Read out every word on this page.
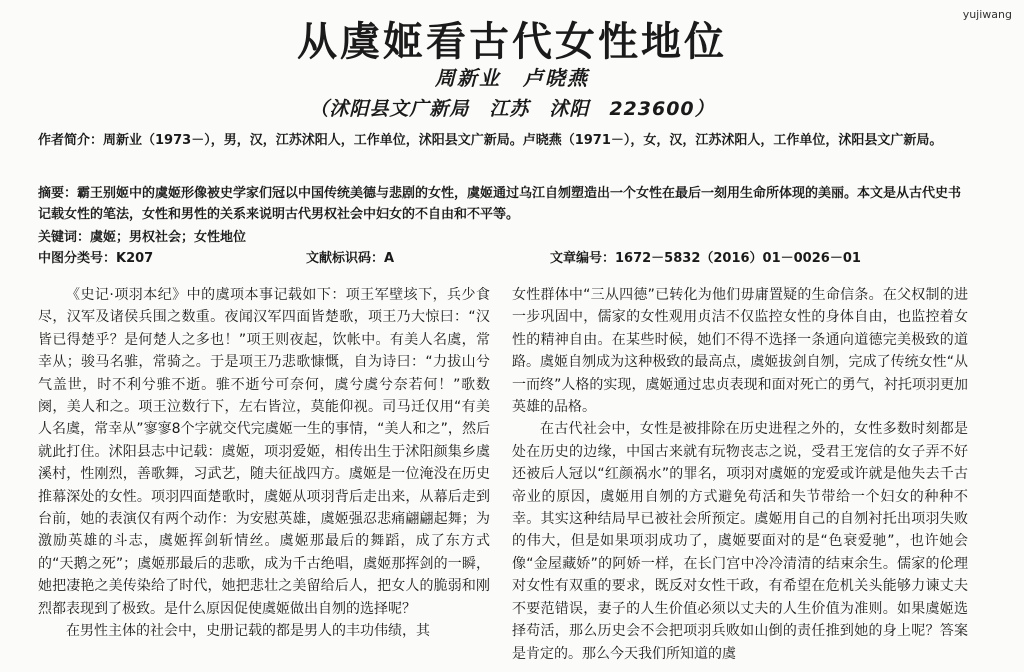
yujiwang
从虞姬看古代女性地位
周新业　卢晓燕
（沭阳县文广新局　江苏　沭阳　223600）
作者简介：周新业（1973－），男，汉，江苏沭阳人，工作单位，沭阳县文广新局。卢晓燕（1971－），女，汉，江苏沭阳人，工作单位，沭阳县文广新局。
摘要：霸王别姬中的虞姬形像被史学家们冠以中国传统美德与悲剧的女性，虞姬通过乌江自刎塑造出一个女性在最后一刻用生命所体现的美丽。本文是从古代史书记载女性的笔法，女性和男性的关系来说明古代男权社会中妇女的不自由和不平等。
关键词：虞姬；男权社会；女性地位
中图分类号：K207	文献标识码：A	文章编号：1672－5832（2016）01－0026－01

《史记·项羽本纪》中的虞项本事记载如下：项王军壁垓下，兵少食尽，汉军及诸侯兵围之数重。夜闻汉军四面皆楚歌，项王乃大惊曰：“汉皆已得楚乎？是何楚人之多也！”项王则夜起，饮帐中。有美人名虞，常幸从；骏马名骓，常骑之。于是项王乃悲歌慷慨，自为诗曰：“力拔山兮气盖世，时不利兮骓不逝。骓不逝兮可奈何，虞兮虞兮奈若何！”歌数阕，美人和之。项王泣数行下，左右皆泣，莫能仰视。司马迁仅用“有美人名虞，常幸从”寥寥8个字就交代完虞姬一生的事情，“美人和之”，然后就此打住。沭阳县志中记载：虞姬，项羽爱姬，相传出生于沭阳颜集乡虞溪村，性刚烈，善歌舞，习武艺，随夫征战四方。虞姬是一位淹没在历史推幕深处的女性。项羽四面楚歌时，虞姬从项羽背后走出来，从幕后走到台前，她的表演仅有两个动作：为安慰英雄，虞姬强忍悲痛翩翩起舞；为激励英雄的斗志，虞姬挥剑斩情丝。虞姬那最后的舞蹈，成了东方式的“天鹅之死”；虞姬那最后的悲歌，成为千古绝唱，虞姬那挥剑的一瞬，她把凄艳之美传染给了时代，她把悲壮之美留给后人，把女人的脆弱和刚烈都表现到了极致。是什么原因促使虞姬做出自刎的选择呢？

在男性主体的社会中，史册记载的都是男人的丰功伟绩，其

女性群体中“三从四德”已转化为他们毋庸置疑的生命信条。在父权制的进一步巩固中，儒家的女性观用贞洁不仅监控女性的身体自由，也监控着女性的精神自由。在某些时候，她们不得不选择一条通向道德完美极致的道路。虞姬自刎成为这种极致的最高点，虞姬拔剑自刎，完成了传统女性“从一而终”人格的实现，虞姬通过忠贞表现和面对死亡的勇气，衬托项羽更加英雄的品格。

在古代社会中，女性是被排除在历史进程之外的，女性多数时刻都是处在历史的边缘，中国古来就有玩物丧志之说，受君王宠信的女子弄不好还被后人冠以“红颜祸水”的罪名，项羽对虞姬的宠爱或许就是他失去千古帝业的原因，虞姬用自刎的方式避免苟活和失节带给一个妇女的种种不幸。其实这种结局早已被社会所预定。虞姬用自己的自刎衬托出项羽失败的伟大，但是如果项羽成功了，虞姬要面对的是“色衰爱驰”，也许她会像“金屋藏娇”的阿娇一样，在长门宫中冷冷清清的结束余生。儒家的伦理对女性有双重的要求，既反对女性干政，有希望在危机关头能够力谏丈夫不要范错误，妻子的人生价值必须以丈夫的人生价值为准则。如果虞姬选择苟活，那么历史会不会把项羽兵败如山倒的责任推到她的身上呢？答案是肯定的。那么今天我们所知道的虞
